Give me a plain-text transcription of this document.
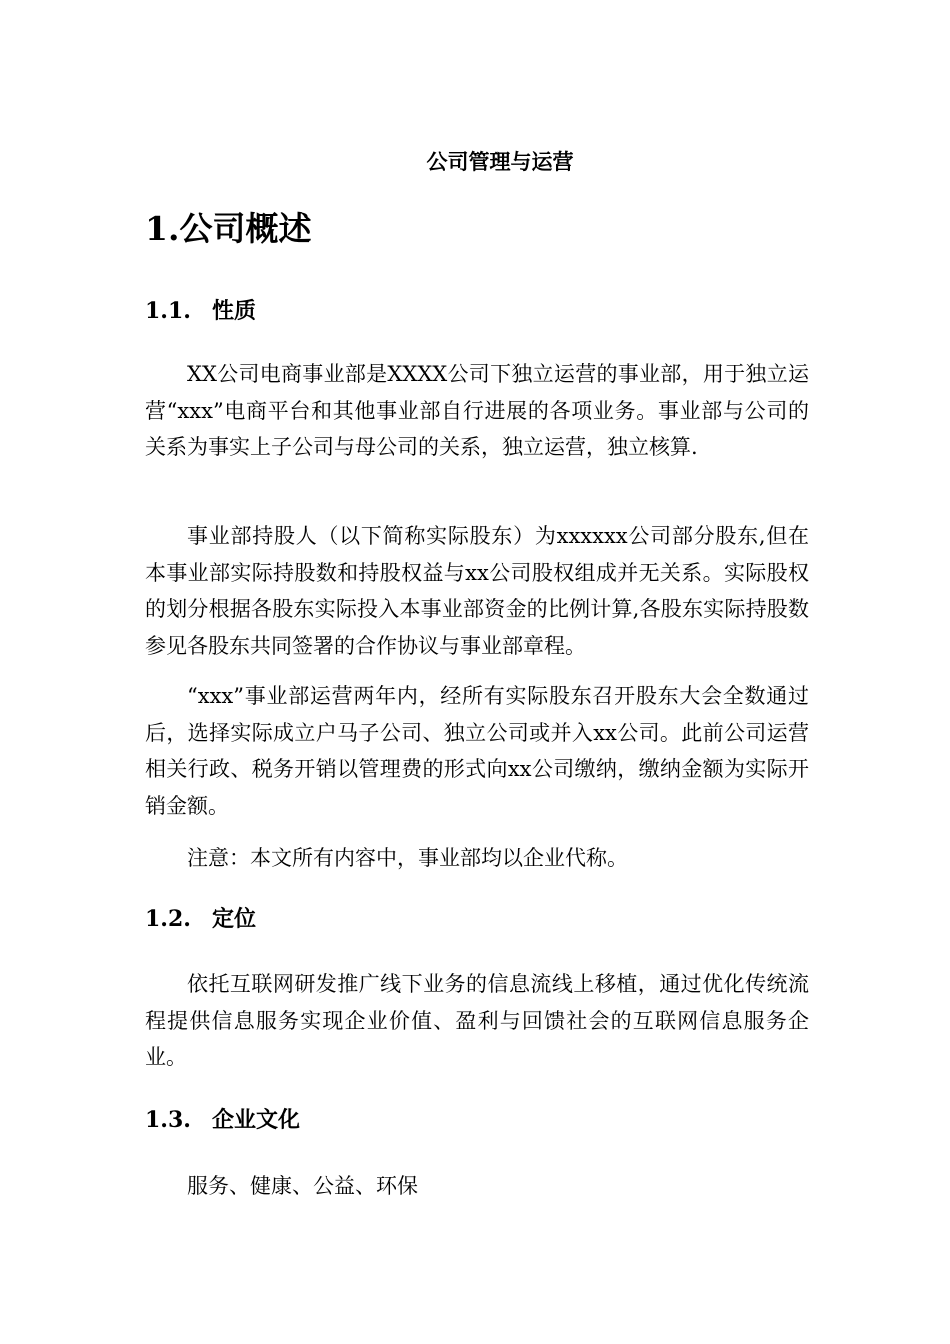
公司管理与运营
1.公司概述
1.1. 性质

XX公司电商事业部是XXXX公司下独立运营的事业部，用于独立运营“xxx”电商平台和其他事业部自行进展的各项业务。事业部与公司的关系为事实上子公司与母公司的关系，独立运营，独立核算.

事业部持股人（以下简称实际股东）为xxxxxx公司部分股东,但在本事业部实际持股数和持股权益与xx公司股权组成并无关系。实际股权的划分根据各股东实际投入本事业部资金的比例计算,各股东实际持股数参见各股东共同签署的合作协议与事业部章程。

“xxx”事业部运营两年内，经所有实际股东召开股东大会全数通过后，选择实际成立户马子公司、独立公司或并入xx公司。此前公司运营相关行政、税务开销以管理费的形式向xx公司缴纳，缴纳金额为实际开销金额。

注意：本文所有内容中，事业部均以企业代称。

1.2. 定位

依托互联网研发推广线下业务的信息流线上移植，通过优化传统流程提供信息服务实现企业价值、盈利与回馈社会的互联网信息服务企业。

1.3. 企业文化

服务、健康、公益、环保
